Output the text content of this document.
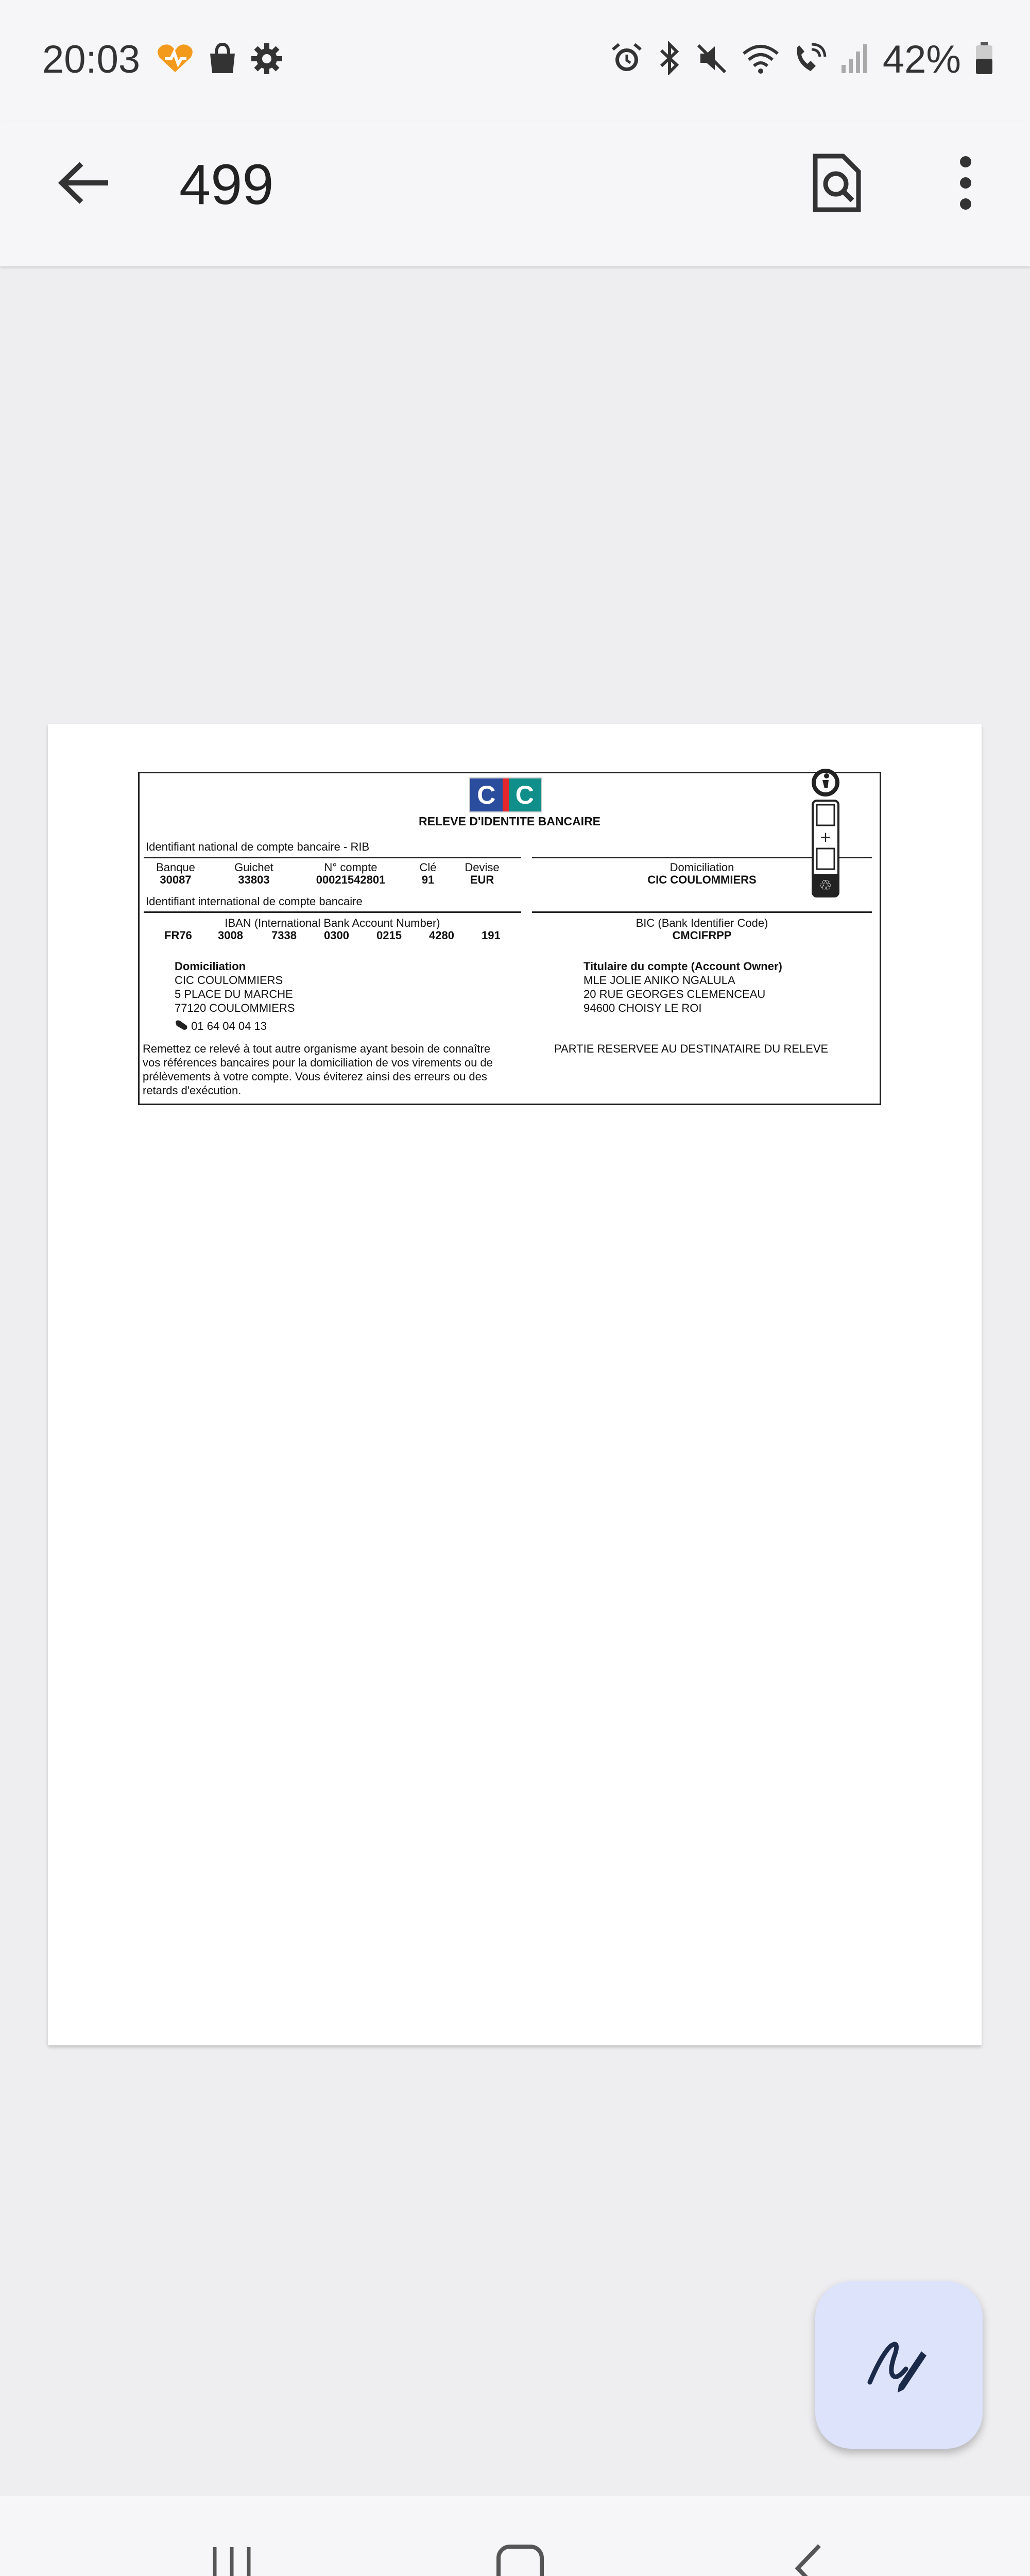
20:03	42%
499
C C
RELEVE D'IDENTITE BANCAIRE
Identifiant national de compte bancaire - RIB
Banque
30087
Guichet
33803
N° compte
00021542801
Clé
91
Devise
EUR
Domiciliation
CIC COULOMMIERS
Identifiant international de compte bancaire
IBAN (International Bank Account Number)
FR76 3008	7338 0300 0215 4280 191
BIC (Bank Identifier Code)
CMCIFRPP
Domiciliation
CIC COULOMMIERS
5 PLACE DU MARCHE
77120 COULOMMIERS
01 64 04 04 13
Titulaire du compte (Account Owner)
MLE JOLIE ANIKO NGALULA
20 RUE GEORGES CLEMENCEAU
94600 CHOISY LE ROI
Remettez ce relevé à tout autre organisme ayant besoin de connaître
vos références bancaires pour la domiciliation de vos virements ou de
prélèvements à votre compte. Vous éviterez ainsi des erreurs ou des
retards d'exécution.
PARTIE RESERVEE AU DESTINATAIRE DU RELEVE
+
♲
